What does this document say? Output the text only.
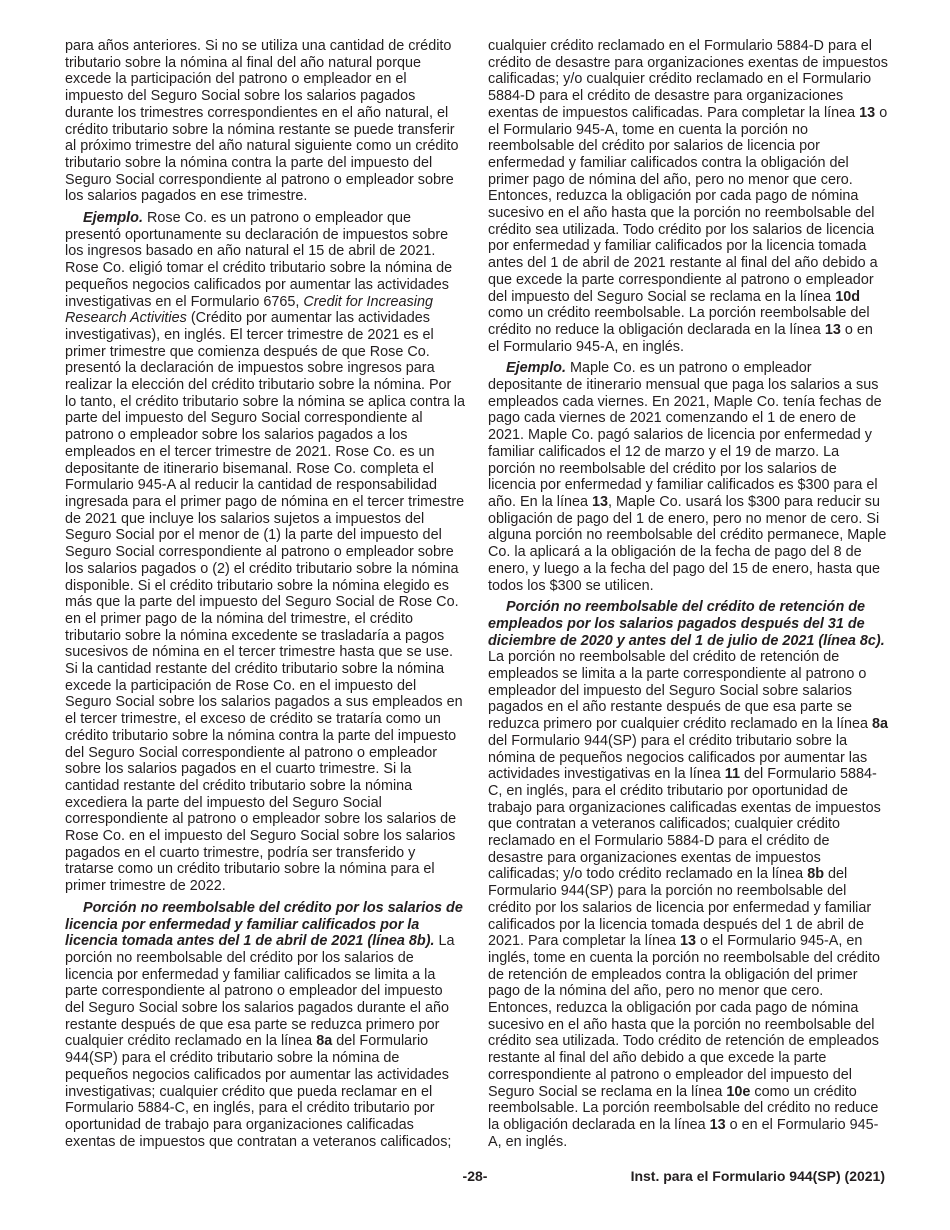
para años anteriores. Si no se utiliza una cantidad de crédito tributario sobre la nómina al final del año natural porque excede la participación del patrono o empleador en el impuesto del Seguro Social sobre los salarios pagados durante los trimestres correspondientes en el año natural, el crédito tributario sobre la nómina restante se puede transferir al próximo trimestre del año natural siguiente como un crédito tributario sobre la nómina contra la parte del impuesto del Seguro Social correspondiente al patrono o empleador sobre los salarios pagados en ese trimestre.

Ejemplo. Rose Co. es un patrono o empleador que presentó oportunamente su declaración de impuestos sobre los ingresos basado en año natural el 15 de abril de 2021. Rose Co. eligió tomar el crédito tributario sobre la nómina de pequeños negocios calificados por aumentar las actividades investigativas en el Formulario 6765, Credit for Increasing Research Activities (Crédito por aumentar las actividades investigativas), en inglés. El tercer trimestre de 2021 es el primer trimestre que comienza después de que Rose Co. presentó la declaración de impuestos sobre ingresos para realizar la elección del crédito tributario sobre la nómina. Por lo tanto, el crédito tributario sobre la nómina se aplica contra la parte del impuesto del Seguro Social correspondiente al patrono o empleador sobre los salarios pagados a los empleados en el tercer trimestre de 2021. Rose Co. es un depositante de itinerario bisemanal. Rose Co. completa el Formulario 945-A al reducir la cantidad de responsabilidad ingresada para el primer pago de nómina en el tercer trimestre de 2021 que incluye los salarios sujetos a impuestos del Seguro Social por el menor de (1) la parte del impuesto del Seguro Social correspondiente al patrono o empleador sobre los salarios pagados o (2) el crédito tributario sobre la nómina disponible. Si el crédito tributario sobre la nómina elegido es más que la parte del impuesto del Seguro Social de Rose Co. en el primer pago de la nómina del trimestre, el crédito tributario sobre la nómina excedente se trasladaría a pagos sucesivos de nómina en el tercer trimestre hasta que se use. Si la cantidad restante del crédito tributario sobre la nómina excede la participación de Rose Co. en el impuesto del Seguro Social sobre los salarios pagados a sus empleados en el tercer trimestre, el exceso de crédito se trataría como un crédito tributario sobre la nómina contra la parte del impuesto del Seguro Social correspondiente al patrono o empleador sobre los salarios pagados en el cuarto trimestre. Si la cantidad restante del crédito tributario sobre la nómina excediera la parte del impuesto del Seguro Social correspondiente al patrono o empleador sobre los salarios de Rose Co. en el impuesto del Seguro Social sobre los salarios pagados en el cuarto trimestre, podría ser transferido y tratarse como un crédito tributario sobre la nómina para el primer trimestre de 2022.

Porción no reembolsable del crédito por los salarios de licencia por enfermedad y familiar calificados por la licencia tomada antes del 1 de abril de 2021 (línea 8b). La porción no reembolsable del crédito por los salarios de licencia por enfermedad y familiar calificados se limita a la parte correspondiente al patrono o empleador del impuesto del Seguro Social sobre los salarios pagados durante el año restante después de que esa parte se reduzca primero por cualquier crédito reclamado en la línea 8a del Formulario 944(SP) para el crédito tributario sobre la nómina de pequeños negocios calificados por aumentar las actividades investigativas; cualquier crédito que pueda reclamar en el Formulario 5884-C, en inglés, para el crédito tributario por oportunidad de trabajo para organizaciones calificadas exentas de impuestos que contratan a veteranos calificados;

cualquier crédito reclamado en el Formulario 5884-D para el crédito de desastre para organizaciones exentas de impuestos calificadas; y/o cualquier crédito reclamado en el Formulario 5884-D para el crédito de desastre para organizaciones exentas de impuestos calificadas. Para completar la línea 13 o el Formulario 945-A, tome en cuenta la porción no reembolsable del crédito por salarios de licencia por enfermedad y familiar calificados contra la obligación del primer pago de nómina del año, pero no menor que cero. Entonces, reduzca la obligación por cada pago de nómina sucesivo en el año hasta que la porción no reembolsable del crédito sea utilizada. Todo crédito por los salarios de licencia por enfermedad y familiar calificados por la licencia tomada antes del 1 de abril de 2021 restante al final del año debido a que excede la parte correspondiente al patrono o empleador del impuesto del Seguro Social se reclama en la línea 10d como un crédito reembolsable. La porción reembolsable del crédito no reduce la obligación declarada en la línea 13 o en el Formulario 945-A, en inglés.

Ejemplo. Maple Co. es un patrono o empleador depositante de itinerario mensual que paga los salarios a sus empleados cada viernes. En 2021, Maple Co. tenía fechas de pago cada viernes de 2021 comenzando el 1 de enero de 2021. Maple Co. pagó salarios de licencia por enfermedad y familiar calificados el 12 de marzo y el 19 de marzo. La porción no reembolsable del crédito por los salarios de licencia por enfermedad y familiar calificados es $300 para el año. En la línea 13, Maple Co. usará los $300 para reducir su obligación de pago del 1 de enero, pero no menor de cero. Si alguna porción no reembolsable del crédito permanece, Maple Co. la aplicará a la obligación de la fecha de pago del 8 de enero, y luego a la fecha del pago del 15 de enero, hasta que todos los $300 se utilicen.

Porción no reembolsable del crédito de retención de empleados por los salarios pagados después del 31 de diciembre de 2020 y antes del 1 de julio de 2021 (línea 8c). La porción no reembolsable del crédito de retención de empleados se limita a la parte correspondiente al patrono o empleador del impuesto del Seguro Social sobre salarios pagados en el año restante después de que esa parte se reduzca primero por cualquier crédito reclamado en la línea 8a del Formulario 944(SP) para el crédito tributario sobre la nómina de pequeños negocios calificados por aumentar las actividades investigativas en la línea 11 del Formulario 5884-C, en inglés, para el crédito tributario por oportunidad de trabajo para organizaciones calificadas exentas de impuestos que contratan a veteranos calificados; cualquier crédito reclamado en el Formulario 5884-D para el crédito de desastre para organizaciones exentas de impuestos calificadas; y/o todo crédito reclamado en la línea 8b del Formulario 944(SP) para la porción no reembolsable del crédito por los salarios de licencia por enfermedad y familiar calificados por la licencia tomada después del 1 de abril de 2021. Para completar la línea 13 o el Formulario 945-A, en inglés, tome en cuenta la porción no reembolsable del crédito de retención de empleados contra la obligación del primer pago de la nómina del año, pero no menor que cero. Entonces, reduzca la obligación por cada pago de nómina sucesivo en el año hasta que la porción no reembolsable del crédito sea utilizada. Todo crédito de retención de empleados restante al final del año debido a que excede la parte correspondiente al patrono o empleador del impuesto del Seguro Social se reclama en la línea 10e como un crédito reembolsable. La porción reembolsable del crédito no reduce la obligación declarada en la línea 13 o en el Formulario 945-A, en inglés.

-28-	Inst. para el Formulario 944(SP) (2021)
